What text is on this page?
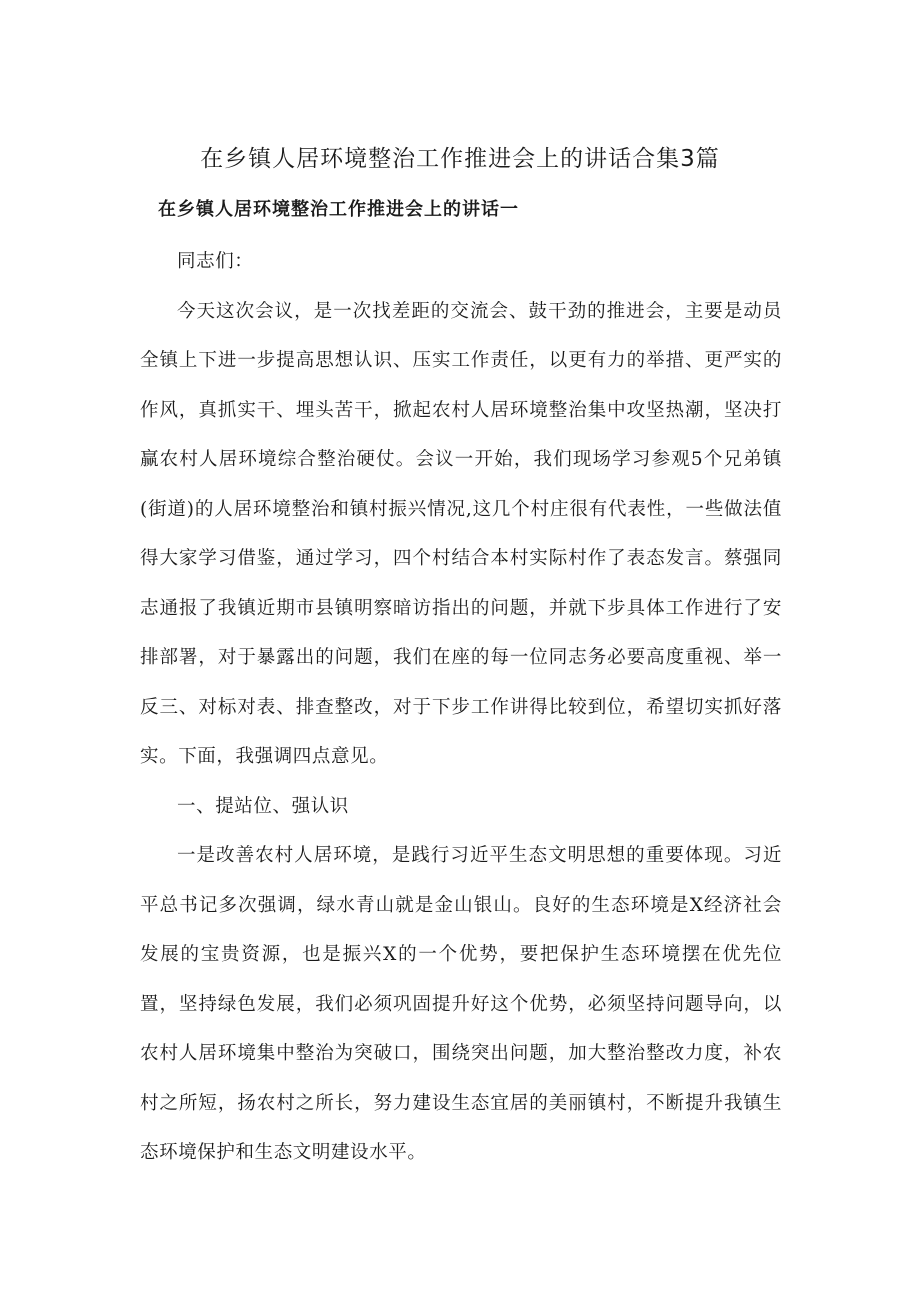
在乡镇人居环境整治工作推进会上的讲话合集3篇
在乡镇人居环境整治工作推进会上的讲话一

同志们：

今天这次会议，是一次找差距的交流会、鼓干劲的推进会，主要是动员全镇上下进一步提高思想认识、压实工作责任，以更有力的举措、更严实的作风，真抓实干、埋头苦干，掀起农村人居环境整治集中攻坚热潮，坚决打赢农村人居环境综合整治硬仗。会议一开始，我们现场学习参观5个兄弟镇(街道)的人居环境整治和镇村振兴情况,这几个村庄很有代表性，一些做法值得大家学习借鉴，通过学习，四个村结合本村实际村作了表态发言。蔡强同志通报了我镇近期市县镇明察暗访指出的问题，并就下步具体工作进行了安排部署，对于暴露出的问题，我们在座的每一位同志务必要高度重视、举一反三、对标对表、排查整改，对于下步工作讲得比较到位，希望切实抓好落实。下面，我强调四点意见。

一、提站位、强认识

一是改善农村人居环境，是践行习近平生态文明思想的重要体现。习近平总书记多次强调，绿水青山就是金山银山。良好的生态环境是X经济社会发展的宝贵资源，也是振兴X的一个优势，要把保护生态环境摆在优先位置，坚持绿色发展，我们必须巩固提升好这个优势，必须坚持问题导向，以农村人居环境集中整治为突破口，围绕突出问题，加大整治整改力度，补农村之所短，扬农村之所长，努力建设生态宜居的美丽镇村，不断提升我镇生态环境保护和生态文明建设水平。
